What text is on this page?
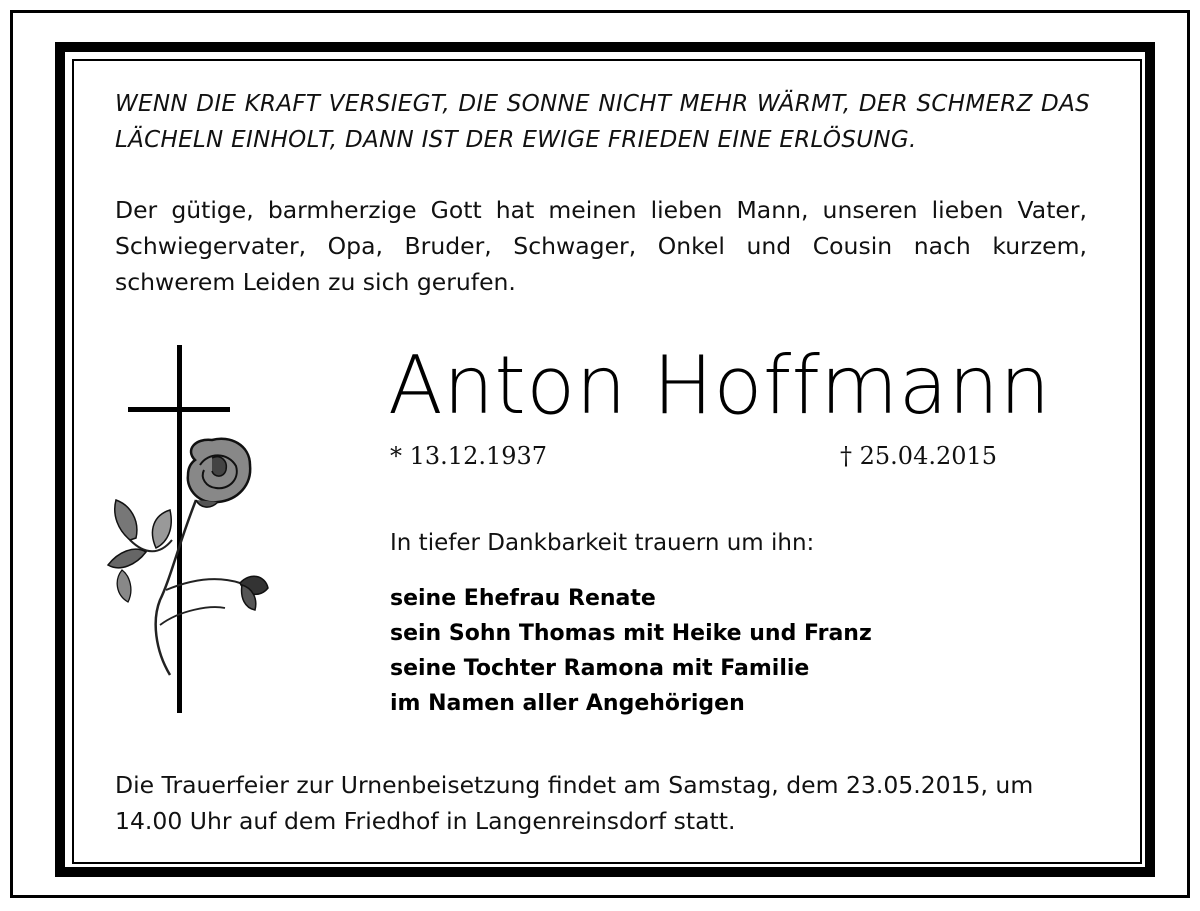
WENN DIE KRAFT VERSIEGT, DIE SONNE NICHT MEHR WÄRMT, DER SCHMERZ DAS LÄCHELN EINHOLT, DANN IST DER EWIGE FRIEDEN EINE ERLÖSUNG.
Der gütige, barmherzige Gott hat meinen lieben Mann, unseren lieben Vater, Schwiegervater, Opa, Bruder, Schwager, Onkel und Cousin nach kurzem, schwerem Leiden zu sich gerufen.
Anton Hoffmann
* 13.12.1937	† 25.04.2015
In tiefer Dankbarkeit trauern um ihn:
seine Ehefrau Renate
sein Sohn Thomas mit Heike und Franz
seine Tochter Ramona mit Familie
im Namen aller Angehörigen
Die Trauerfeier zur Urnenbeisetzung findet am Samstag, dem 23.05.2015, um 14.00 Uhr auf dem Friedhof in Langenreinsdorf statt.
